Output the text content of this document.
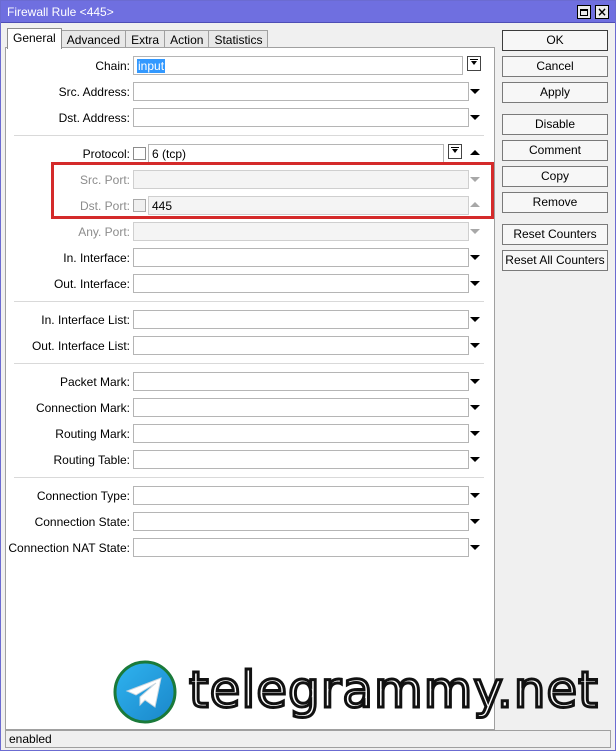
Firewall Rule <445>	×
General Advanced Extra Action Statistics
Chain: input
Src. Address:
Dst. Address:
Protocol: 6 (tcp)
Src. Port:
Dst. Port: 445
Any. Port:
In. Interface:
Out. Interface:
In. Interface List:
Out. Interface List:
Packet Mark:
Connection Mark:
Routing Mark:
Routing Table:
Connection Type:
Connection State:
Connection NAT State:
OK
Cancel
Apply
Disable
Comment
Copy
Remove
Reset Counters
Reset All Counters
telegrammy.net
enabled
